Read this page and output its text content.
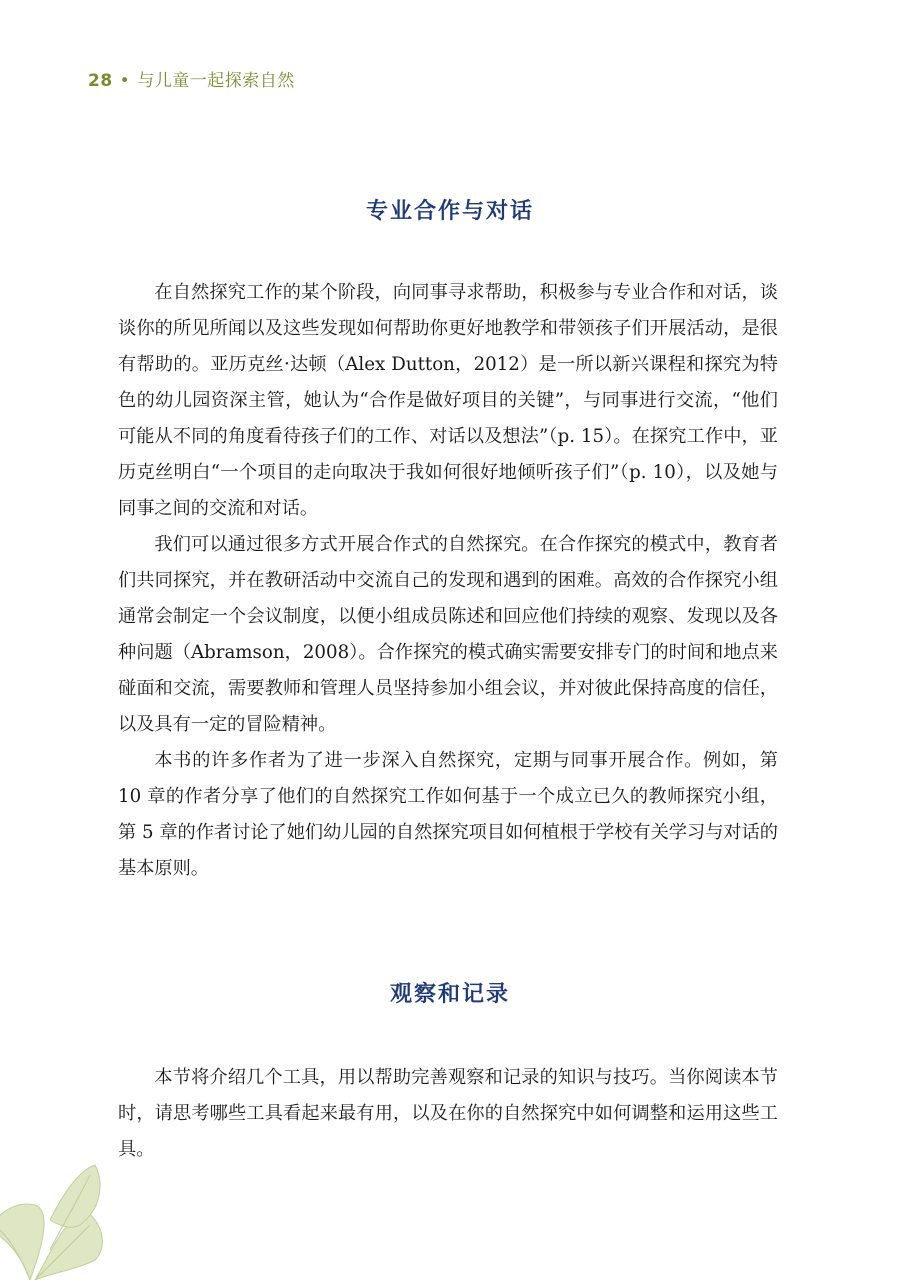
28 • 与儿童一起探索自然
专业合作与对话

在自然探究工作的某个阶段，向同事寻求帮助，积极参与专业合作和对话，谈谈你的所见所闻以及这些发现如何帮助你更好地教学和带领孩子们开展活动，是很有帮助的。亚历克丝·达顿（Alex Dutton，2012）是一所以新兴课程和探究为特色的幼儿园资深主管，她认为“合作是做好项目的关键”，与同事进行交流，“他们可能从不同的角度看待孩子们的工作、对话以及想法”（p. 15）。在探究工作中，亚历克丝明白“一个项目的走向取决于我如何很好地倾听孩子们”（p. 10），以及她与同事之间的交流和对话。

我们可以通过很多方式开展合作式的自然探究。在合作探究的模式中，教育者们共同探究，并在教研活动中交流自己的发现和遇到的困难。高效的合作探究小组通常会制定一个会议制度，以便小组成员陈述和回应他们持续的观察、发现以及各种问题（Abramson，2008）。合作探究的模式确实需要安排专门的时间和地点来碰面和交流，需要教师和管理人员坚持参加小组会议，并对彼此保持高度的信任，以及具有一定的冒险精神。

本书的许多作者为了进一步深入自然探究，定期与同事开展合作。例如，第 10 章的作者分享了他们的自然探究工作如何基于一个成立已久的教师探究小组，第 5 章的作者讨论了她们幼儿园的自然探究项目如何植根于学校有关学习与对话的基本原则。

观察和记录

本节将介绍几个工具，用以帮助完善观察和记录的知识与技巧。当你阅读本节时，请思考哪些工具看起来最有用，以及在你的自然探究中如何调整和运用这些工具。
